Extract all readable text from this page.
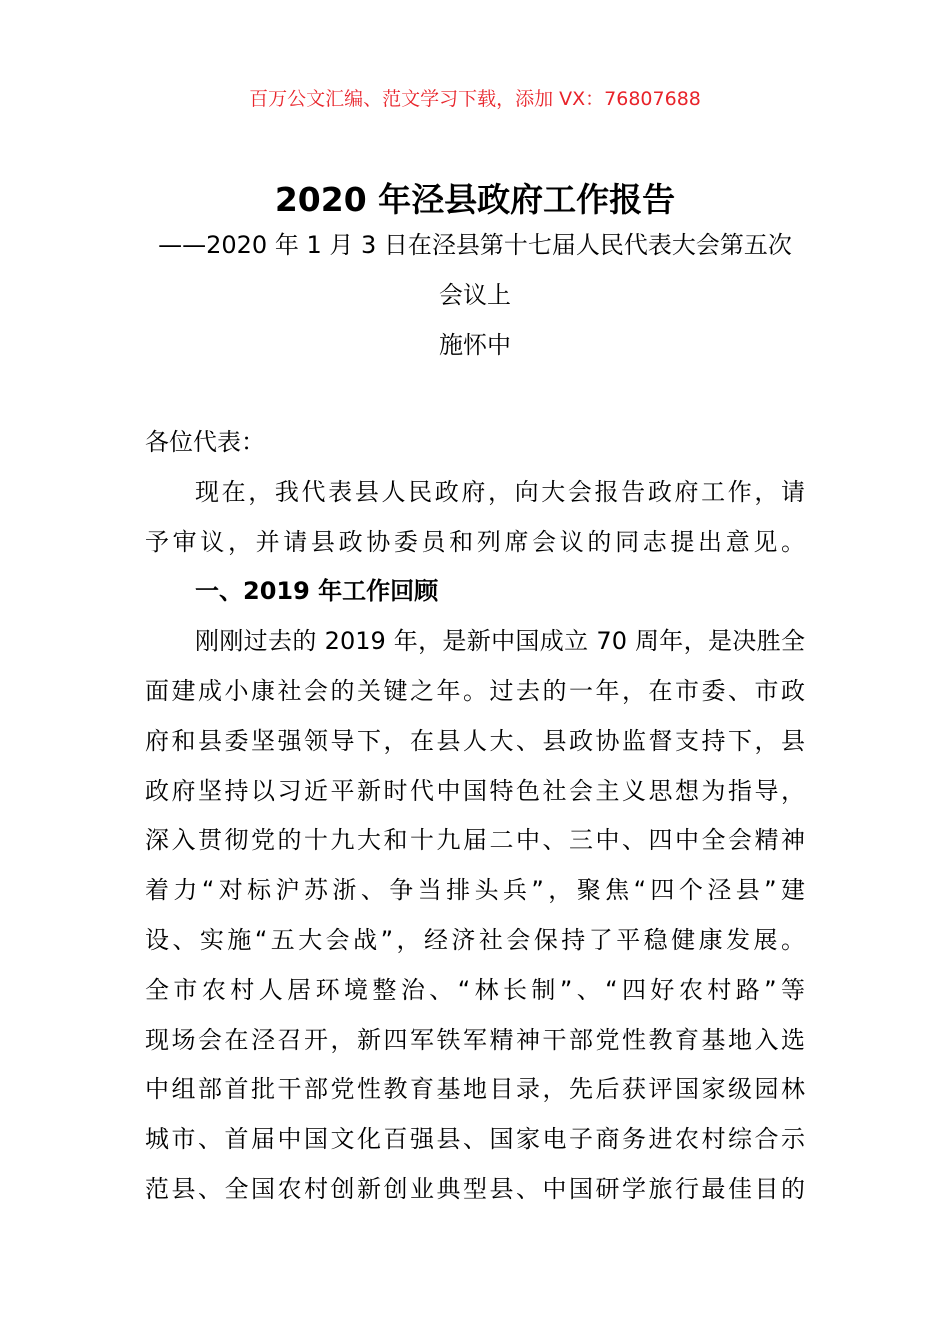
百万公文汇编、范文学习下载，添加 VX：76807688
2020 年泾县政府工作报告
——2020 年 1 月 3 日在泾县第十七届人民代表大会第五次
会议上
施怀中
各位代表：
现在，我代表县人民政府，向大会报告政府工作，请
予审议，并请县政协委员和列席会议的同志提出意见。
一、2019 年工作回顾
刚刚过去的 2019 年，是新中国成立 70 周年，是决胜全
面建成小康社会的关键之年。过去的一年，在市委、市政
府和县委坚强领导下，在县人大、县政协监督支持下，县
政府坚持以习近平新时代中国特色社会主义思想为指导，
深入贯彻党的十九大和十九届二中、三中、四中全会精神
着力“对标沪苏浙、争当排头兵”，聚焦“四个泾县”建
设、实施“五大会战”，经济社会保持了平稳健康发展。
全市农村人居环境整治、“林长制”、“四好农村路”等
现场会在泾召开，新四军铁军精神干部党性教育基地入选
中组部首批干部党性教育基地目录，先后获评国家级园林
城市、首届中国文化百强县、国家电子商务进农村综合示
范县、全国农村创新创业典型县、中国研学旅行最佳目的
